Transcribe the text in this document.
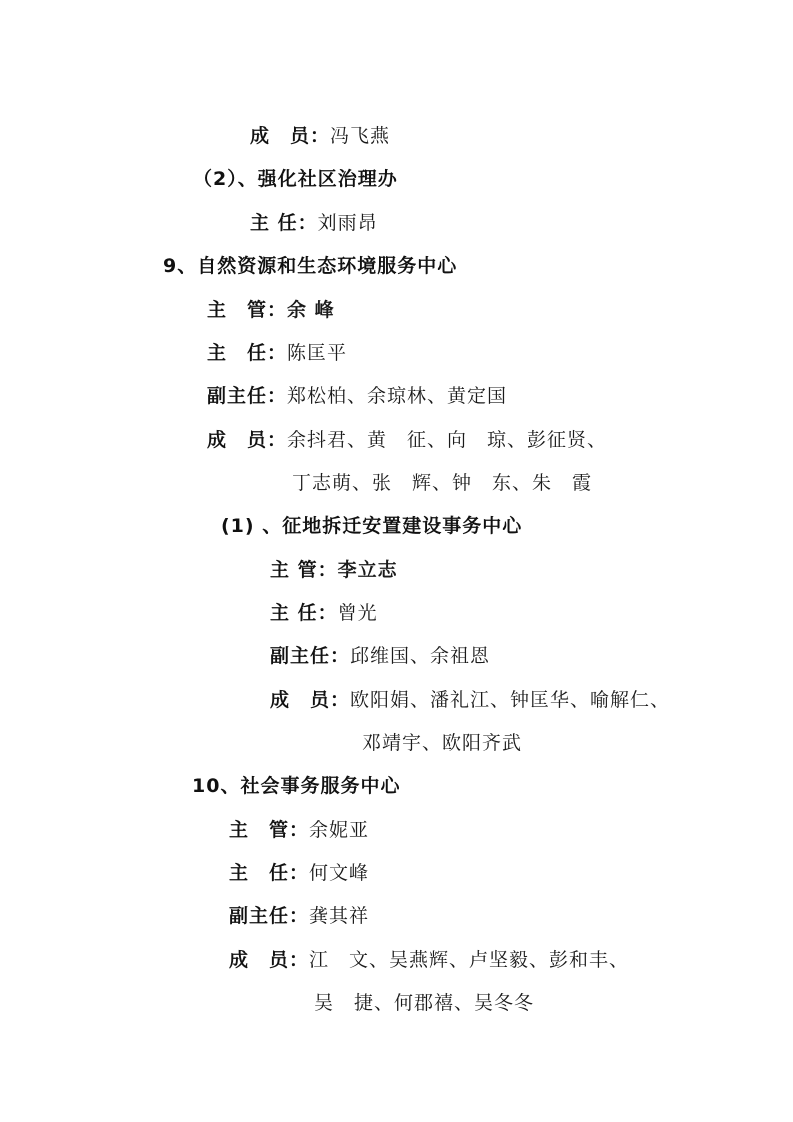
成　员：冯飞燕
（2）、强化社区治理办
主 任：刘雨昂
9、自然资源和生态环境服务中心
主　管：余 峰
主　任：陈匡平
副主任：郑松柏、余琼林、黄定国
成　员：余抖君、黄　征、向　琼、彭征贤、
丁志萌、张　辉、钟　东、朱　霞
(1) 、征地拆迁安置建设事务中心
主 管：李立志
主 任：曾光
副主任：邱维国、余祖恩
成　员：欧阳娟、潘礼江、钟匡华、喻解仁、
邓靖宇、欧阳齐武
10、社会事务服务中心
主　管：余妮亚
主　任：何文峰
副主任：龚其祥
成　员：江　文、吴燕辉、卢坚毅、彭和丰、
吴　捷、何郡禧、吴冬冬
